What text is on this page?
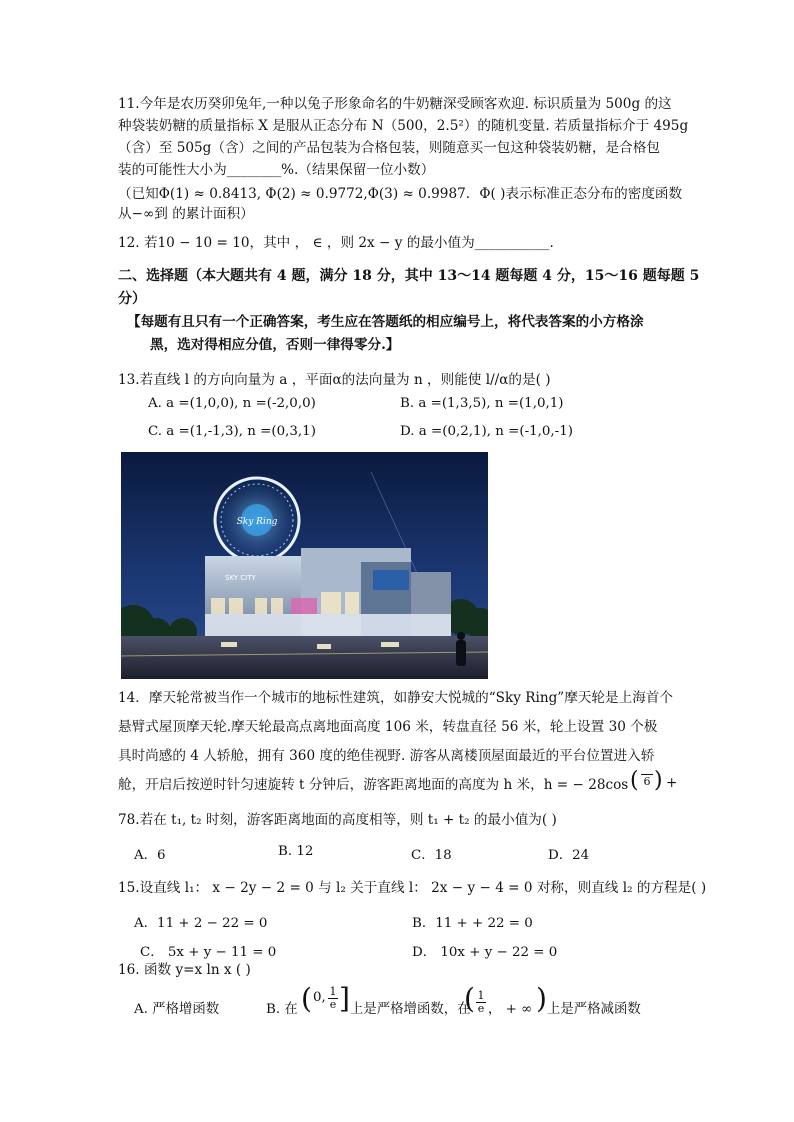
11.今年是农历癸卯兔年,一种以兔子形象命名的牛奶糖深受顾客欢迎. 标识质量为 500g 的这
种袋装奶糖的质量指标 X 是服从正态分布 N（500，2.5²）的随机变量. 若质量指标介于 495g
（含）至 505g（含）之间的产品包装为合格包装，则随意买一包这种袋装奶糖，是合格包
装的可能性大小为________%.（结果保留一位小数）
（已知Φ(1) ≈ 0.8413, Φ(2) ≈ 0.9772,Φ(3) ≈ 0.9987．Φ( )表示标准正态分布的密度函数
从−∞到 的累计面积）
12. 若10 − 10 = 10，其中 ， ∈ ，则 2x − y 的最小值为___________.
二、选择题（本大题共有 4 题，满分 18 分，其中 13～14 题每题 4 分，15～16 题每题 5
分）
【每题有且只有一个正确答案，考生应在答题纸的相应编号上，将代表答案的小方格涂
黑，选对得相应分值，否则一律得零分.】
13.若直线 l 的方向向量为 a ，平面α的法向量为 n ，则能使 l//α的是( )
A. a =(1,0,0), n =(-2,0,0)	B. a =(1,3,5), n =(1,0,1)
C. a =(1,-1,3), n =(0,3,1)	D. a =(0,2,1), n =(-1,0,-1)
Sky Ring
SKY CITY
14．摩天轮常被当作一个城市的地标性建筑，如静安大悦城的“Sky Ring”摩天轮是上海首个
悬臂式屋顶摩天轮.摩天轮最高点离地面高度 106 米，转盘直径 56 米，轮上设置 30 个极
具时尚感的 4 人轿舱，拥有 360 度的绝佳视野. 游客从离楼顶屋面最近的平台位置进入轿
舱，开启后按逆时针匀速旋转 t 分钟后，游客距离地面的高度为 h 米，h = − 28cos ( 6 ) +
78.若在 t₁, t₂ 时刻，游客距离地面的高度相等，则 t₁ + t₂ 的最小值为( )
A．6	B. 12	C．18	D．24
15.设直线 l₁： x − 2y − 2 = 0 与 l₂ 关于直线 l： 2x − y − 4 = 0 对称，则直线 l₂ 的方程是( )
A．11 + 2 − 22 = 0	B．11 + + 22 = 0
C． 5x + y − 11 = 0	D． 10x + y − 22 = 0
16. 函数 y=x ln x ( )
A. 严格增函数	B. 在 ( 0, $\frac{1}{e}$ ] 上是严格增函数，在
( $\frac{1}{e}$ ， + ∞ ) 上是严格减函数
